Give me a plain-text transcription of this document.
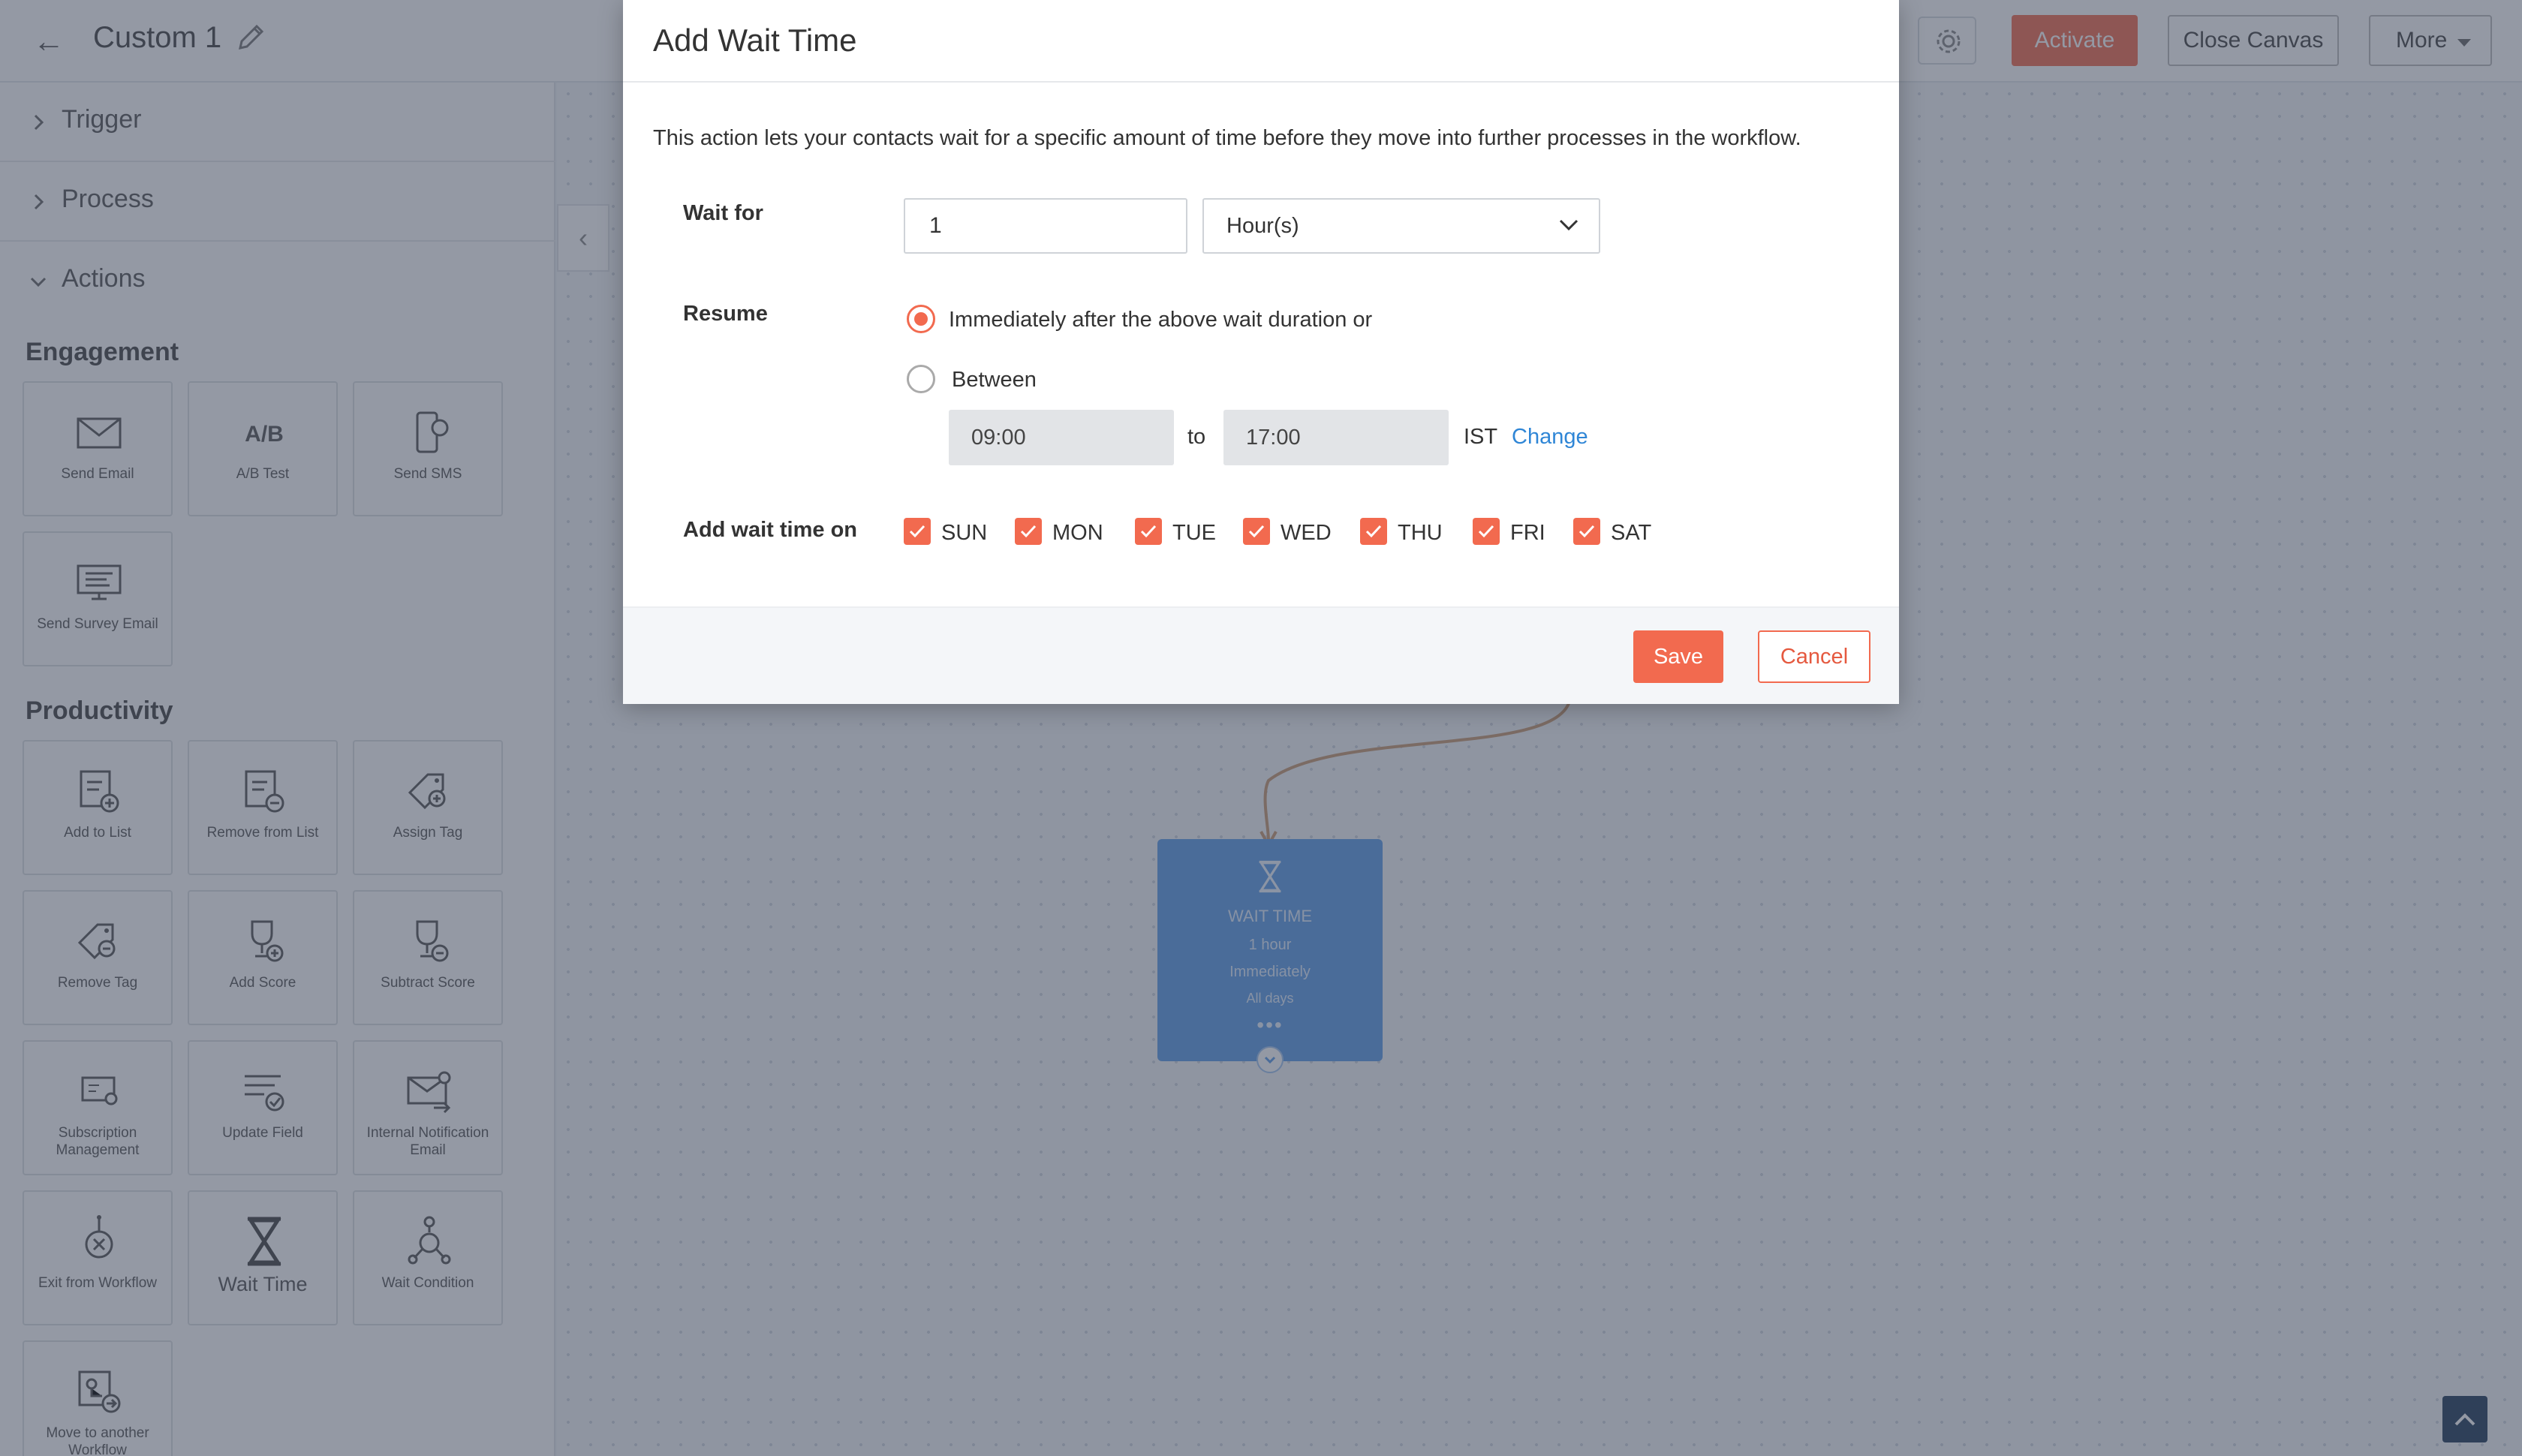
Add Wait Time
This action lets your contacts wait for a specific amount of time before they move into further processes in the workflow.
Wait for	1	Hour(s)
Resume	Immediately after the above wait duration or
Between
09:00	to	17:00	IST Change
Add wait time on	SUN	MON	TUE	WED	THU	FRI	SAT
Save	Cancel
